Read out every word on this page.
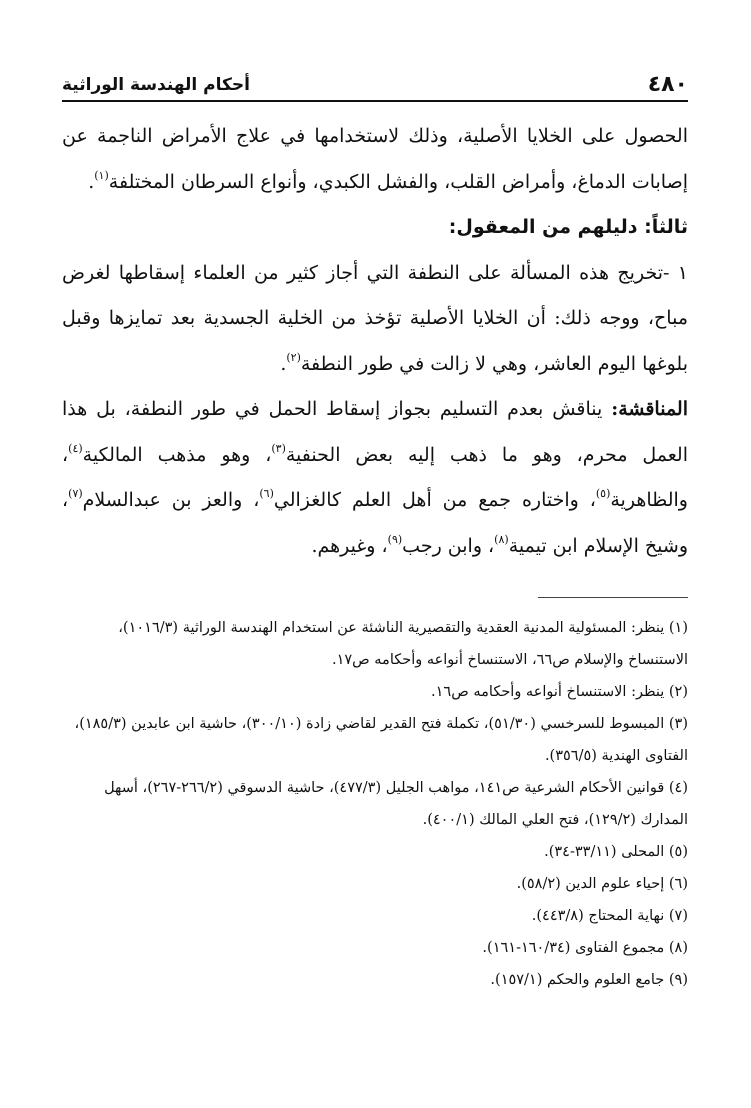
٤٨٠
أحكام الهندسة الوراثية

الحصول على الخلايا الأصلية، وذلك لاستخدامها في علاج الأمراض الناجمة عن إصابات الدماغ، وأمراض القلب، والفشل الكبدي، وأنواع السرطان المختلفة$^{(١)}$.

ثالثاً: دليلهم من المعقول:

١ -تخريج هذه المسألة على النطفة التي أجاز كثير من العلماء إسقاطها لغرض مباح، ووجه ذلك: أن الخلايا الأصلية تؤخذ من الخلية الجسدية بعد تمايزها وقبل بلوغها اليوم العاشر، وهي لا زالت في طور النطفة$^{(٢)}$.

المناقشة: يناقش بعدم التسليم بجواز إسقاط الحمل في طور النطفة، بل هذا العمل محرم، وهو ما ذهب إليه بعض الحنفية$^{(٣)}$، وهو مذهب المالكية$^{(٤)}$، والظاهرية$^{(٥)}$، واختاره جمع من أهل العلم كالغزالي$^{(٦)}$، والعز بن عبدالسلام$^{(٧)}$، وشيخ الإسلام ابن تيمية$^{(٨)}$، وابن رجب$^{(٩)}$، وغيرهم.

(١) ينظر: المسئولية المدنية العقدية والتقصيرية الناشئة عن استخدام الهندسة الوراثية (١٠١٦/٣)، الاستنساخ والإسلام ص٦٦، الاستنساخ أنواعه وأحكامه ص١٧.

(٢) ينظر: الاستنساخ أنواعه وأحكامه ص١٦.

(٣) المبسوط للسرخسي (٥١/٣٠)، تكملة فتح القدير لقاضي زادة (٣٠٠/١٠)، حاشية ابن عابدين (١٨٥/٣)، الفتاوى الهندية (٣٥٦/٥).

(٤) قوانين الأحكام الشرعية ص١٤١، مواهب الجليل (٤٧٧/٣)، حاشية الدسوقي (٢٦٦/٢-٢٦٧)، أسهل المدارك (١٢٩/٢)، فتح العلي المالك (٤٠٠/١).

(٥) المحلى (٣٣/١١-٣٤).

(٦) إحياء علوم الدين (٥٨/٢).

(٧) نهاية المحتاج (٤٤٣/٨).

(٨) مجموع الفتاوى (١٦٠/٣٤-١٦١).

(٩) جامع العلوم والحكم (١٥٧/١).
